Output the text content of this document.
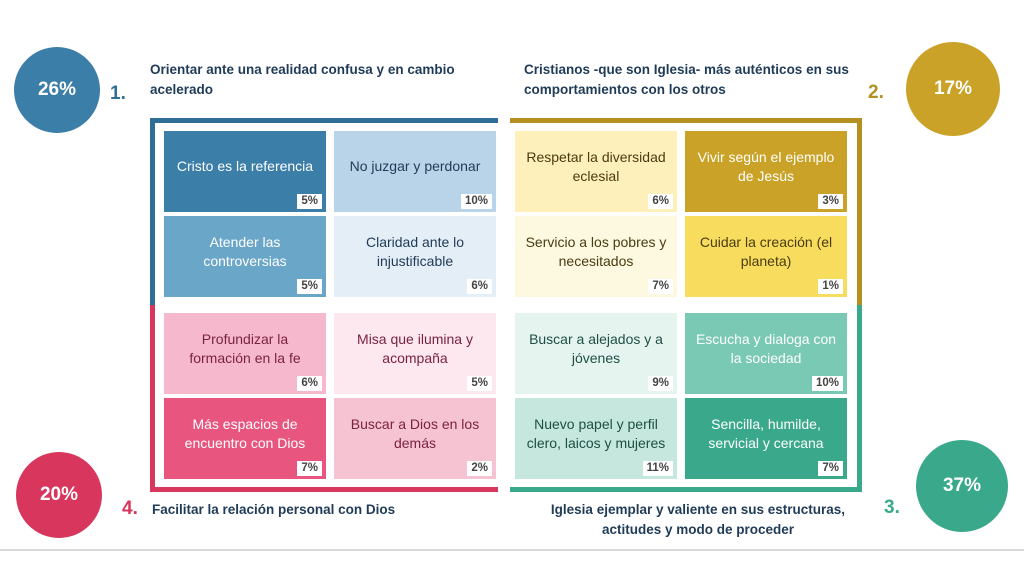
26%	17%
37%
20%
1.	2.
3.
4.
Orientar ante una realidad confusa y en cambio acelerado
Cristianos -que son Iglesia- más auténticos en sus comportamientos con los otros
Iglesia ejemplar y valiente en sus estructuras, actitudes y modo de proceder
Facilitar la relación personal con Dios
Cristo es la referencia
5%
No juzgar y perdonar
10%
Atender las controversias
5%
Claridad ante lo injustificable
6%
Respetar la diversidad eclesial
6%
Vivir según el ejemplo de Jesús
3%
Servicio a los pobres y necesitados
7%
Cuidar la creación (el planeta)
1%
Profundizar la formación en la fe
6%
Misa que ilumina y acompaña
5%
Más espacios de encuentro con Dios
7%
Buscar a Dios en los demás
2%
Buscar a alejados y a jóvenes
9%
Escucha y dialoga con la sociedad
10%
Nuevo papel y perfil clero, laicos y mujeres
11%
Sencilla, humilde, servicial y cercana
7%
